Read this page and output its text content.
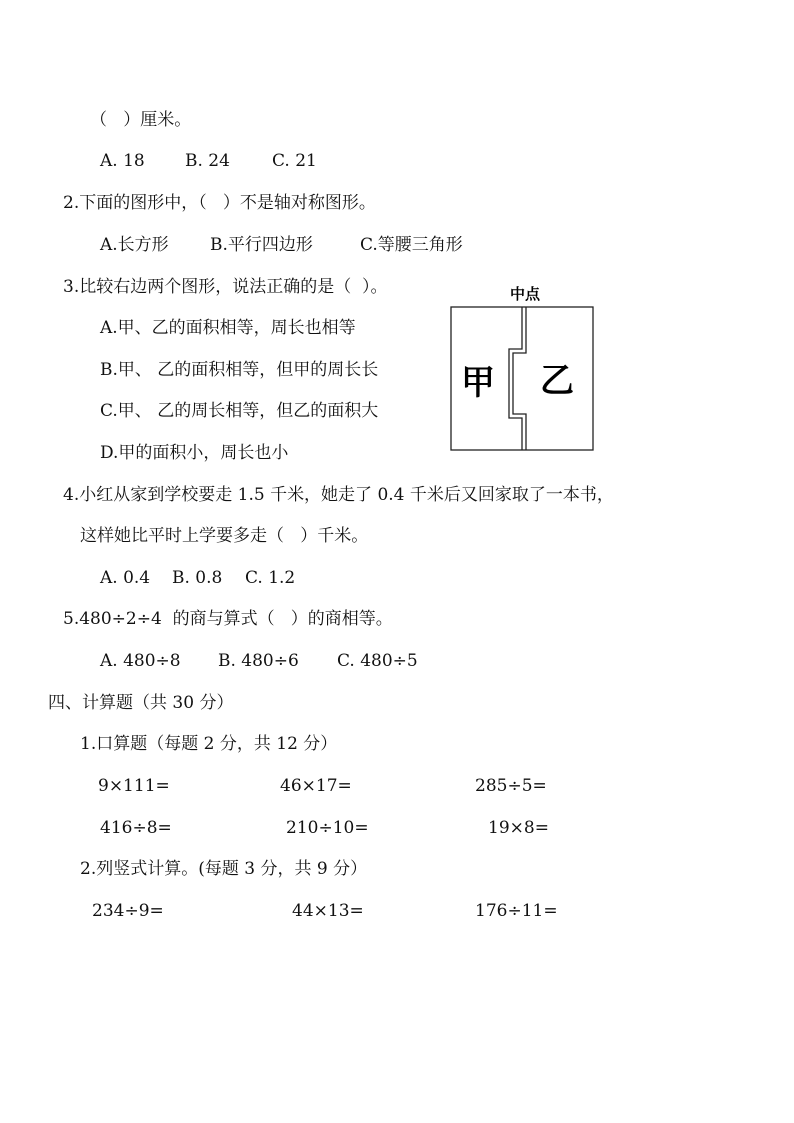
（   ）厘米。
A. 18 B. 24 C. 21
2.下面的图形中，（   ）不是轴对称图形。
A.长方形 B.平行四边形	C.等腰三角形
3.比较右边两个图形，说法正确的是（  ）。
A.甲、乙的面积相等，周长也相等
B.甲、 乙的面积相等，但甲的周长长
C.甲、 乙的周长相等，但乙的面积大
D.甲的面积小，周长也小
中点
甲 乙
4.小红从家到学校要走 1.5 千米，她走了 0.4 千米后又回家取了一本书，
这样她比平时上学要多走（   ）千米。
A. 0.4 B. 0.8 C. 1.2
5.480÷2÷4  的商与算式（   ）的商相等。
A. 480÷8 B. 480÷6 C. 480÷5
四、计算题（共 30 分）
1.口算题（每题 2 分，共 12 分）
9×111=	46×17=	285÷5=
416÷8=	210÷10=	19×8=
2.列竖式计算。(每题 3 分，共 9 分）
234÷9=	44×13=	176÷11=
